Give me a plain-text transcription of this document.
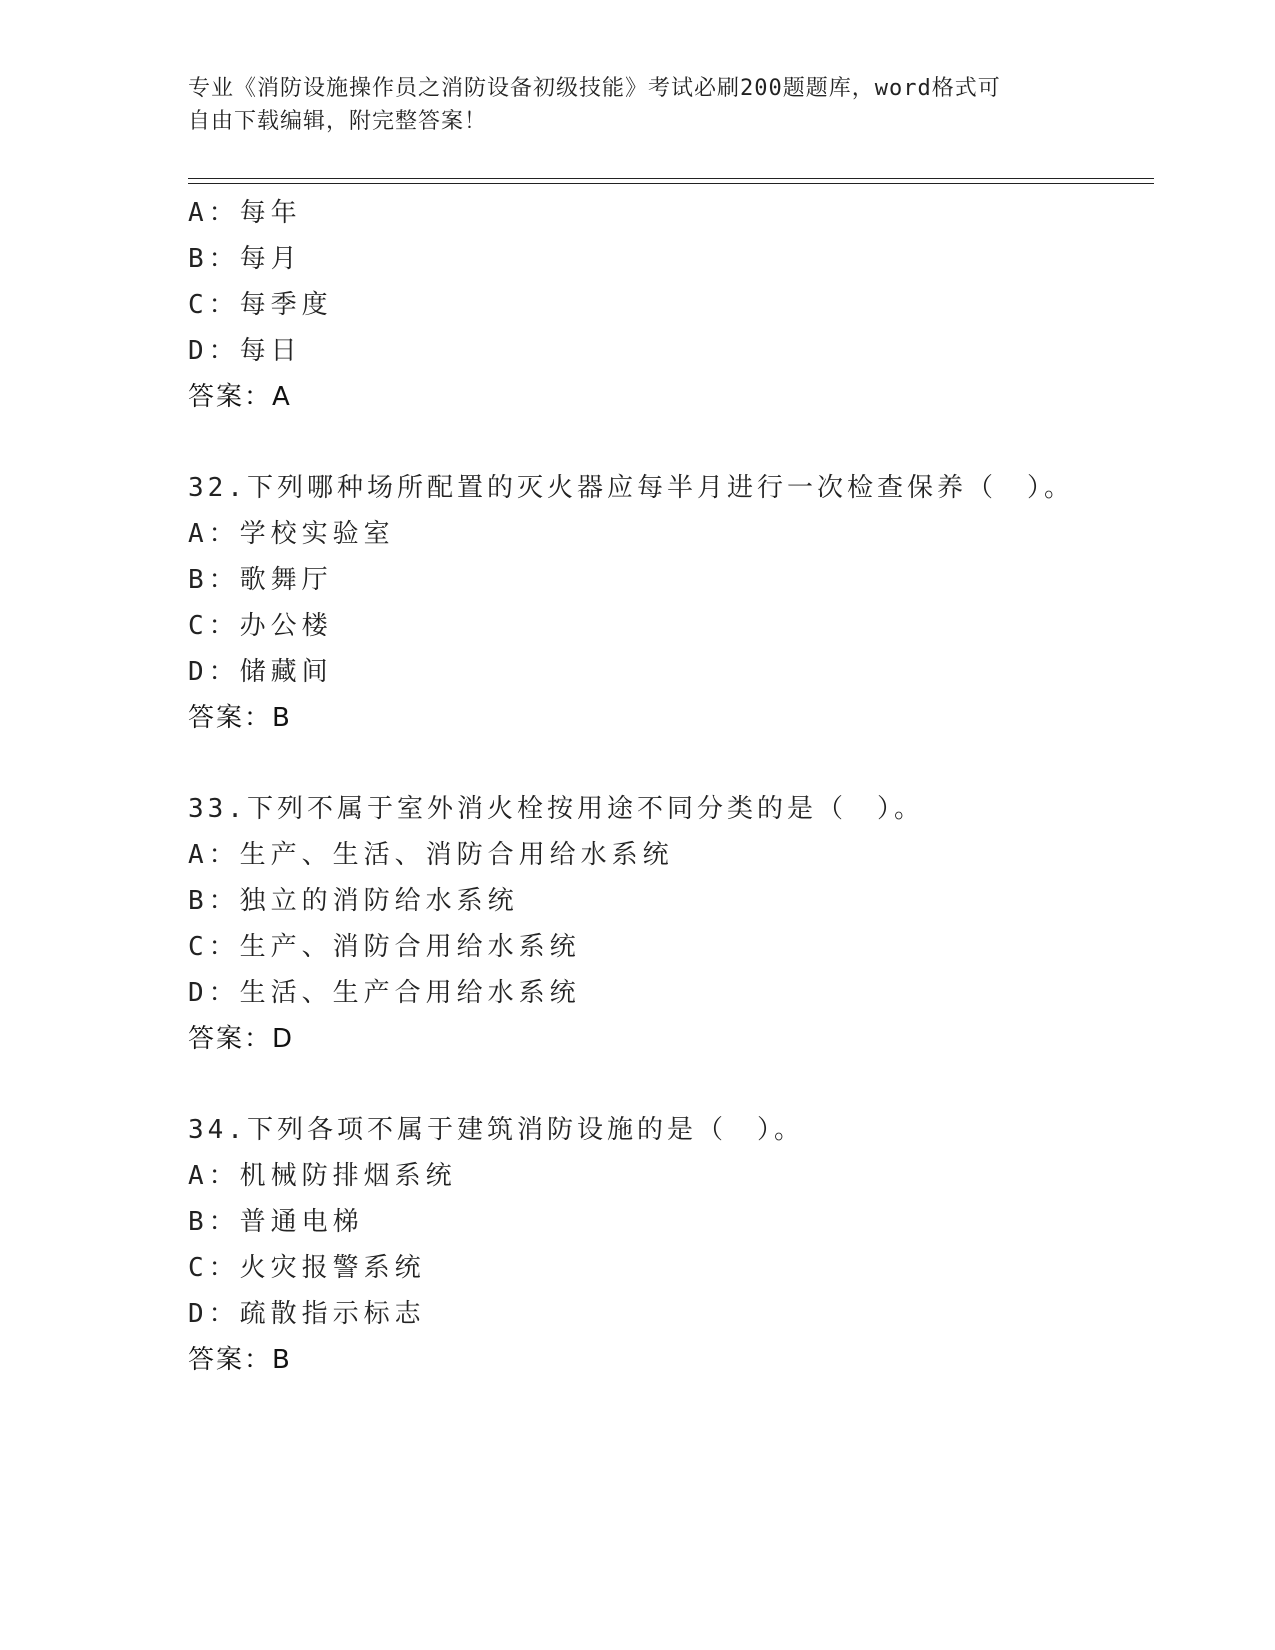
专业《消防设施操作员之消防设备初级技能》考试必刷200题题库，word格式可
自由下载编辑，附完整答案！
A：每年
B：每月
C：每季度
D：每日
答案：A
32.下列哪种场所配置的灭火器应每半月进行一次检查保养（　）。
A：学校实验室
B：歌舞厅
C：办公楼
D：储藏间
答案：B
33.下列不属于室外消火栓按用途不同分类的是（　）。
A：生产、生活、消防合用给水系统
B：独立的消防给水系统
C：生产、消防合用给水系统
D：生活、生产合用给水系统
答案：D
34.下列各项不属于建筑消防设施的是（　）。
A：机械防排烟系统
B：普通电梯
C：火灾报警系统
D：疏散指示标志
答案：B
